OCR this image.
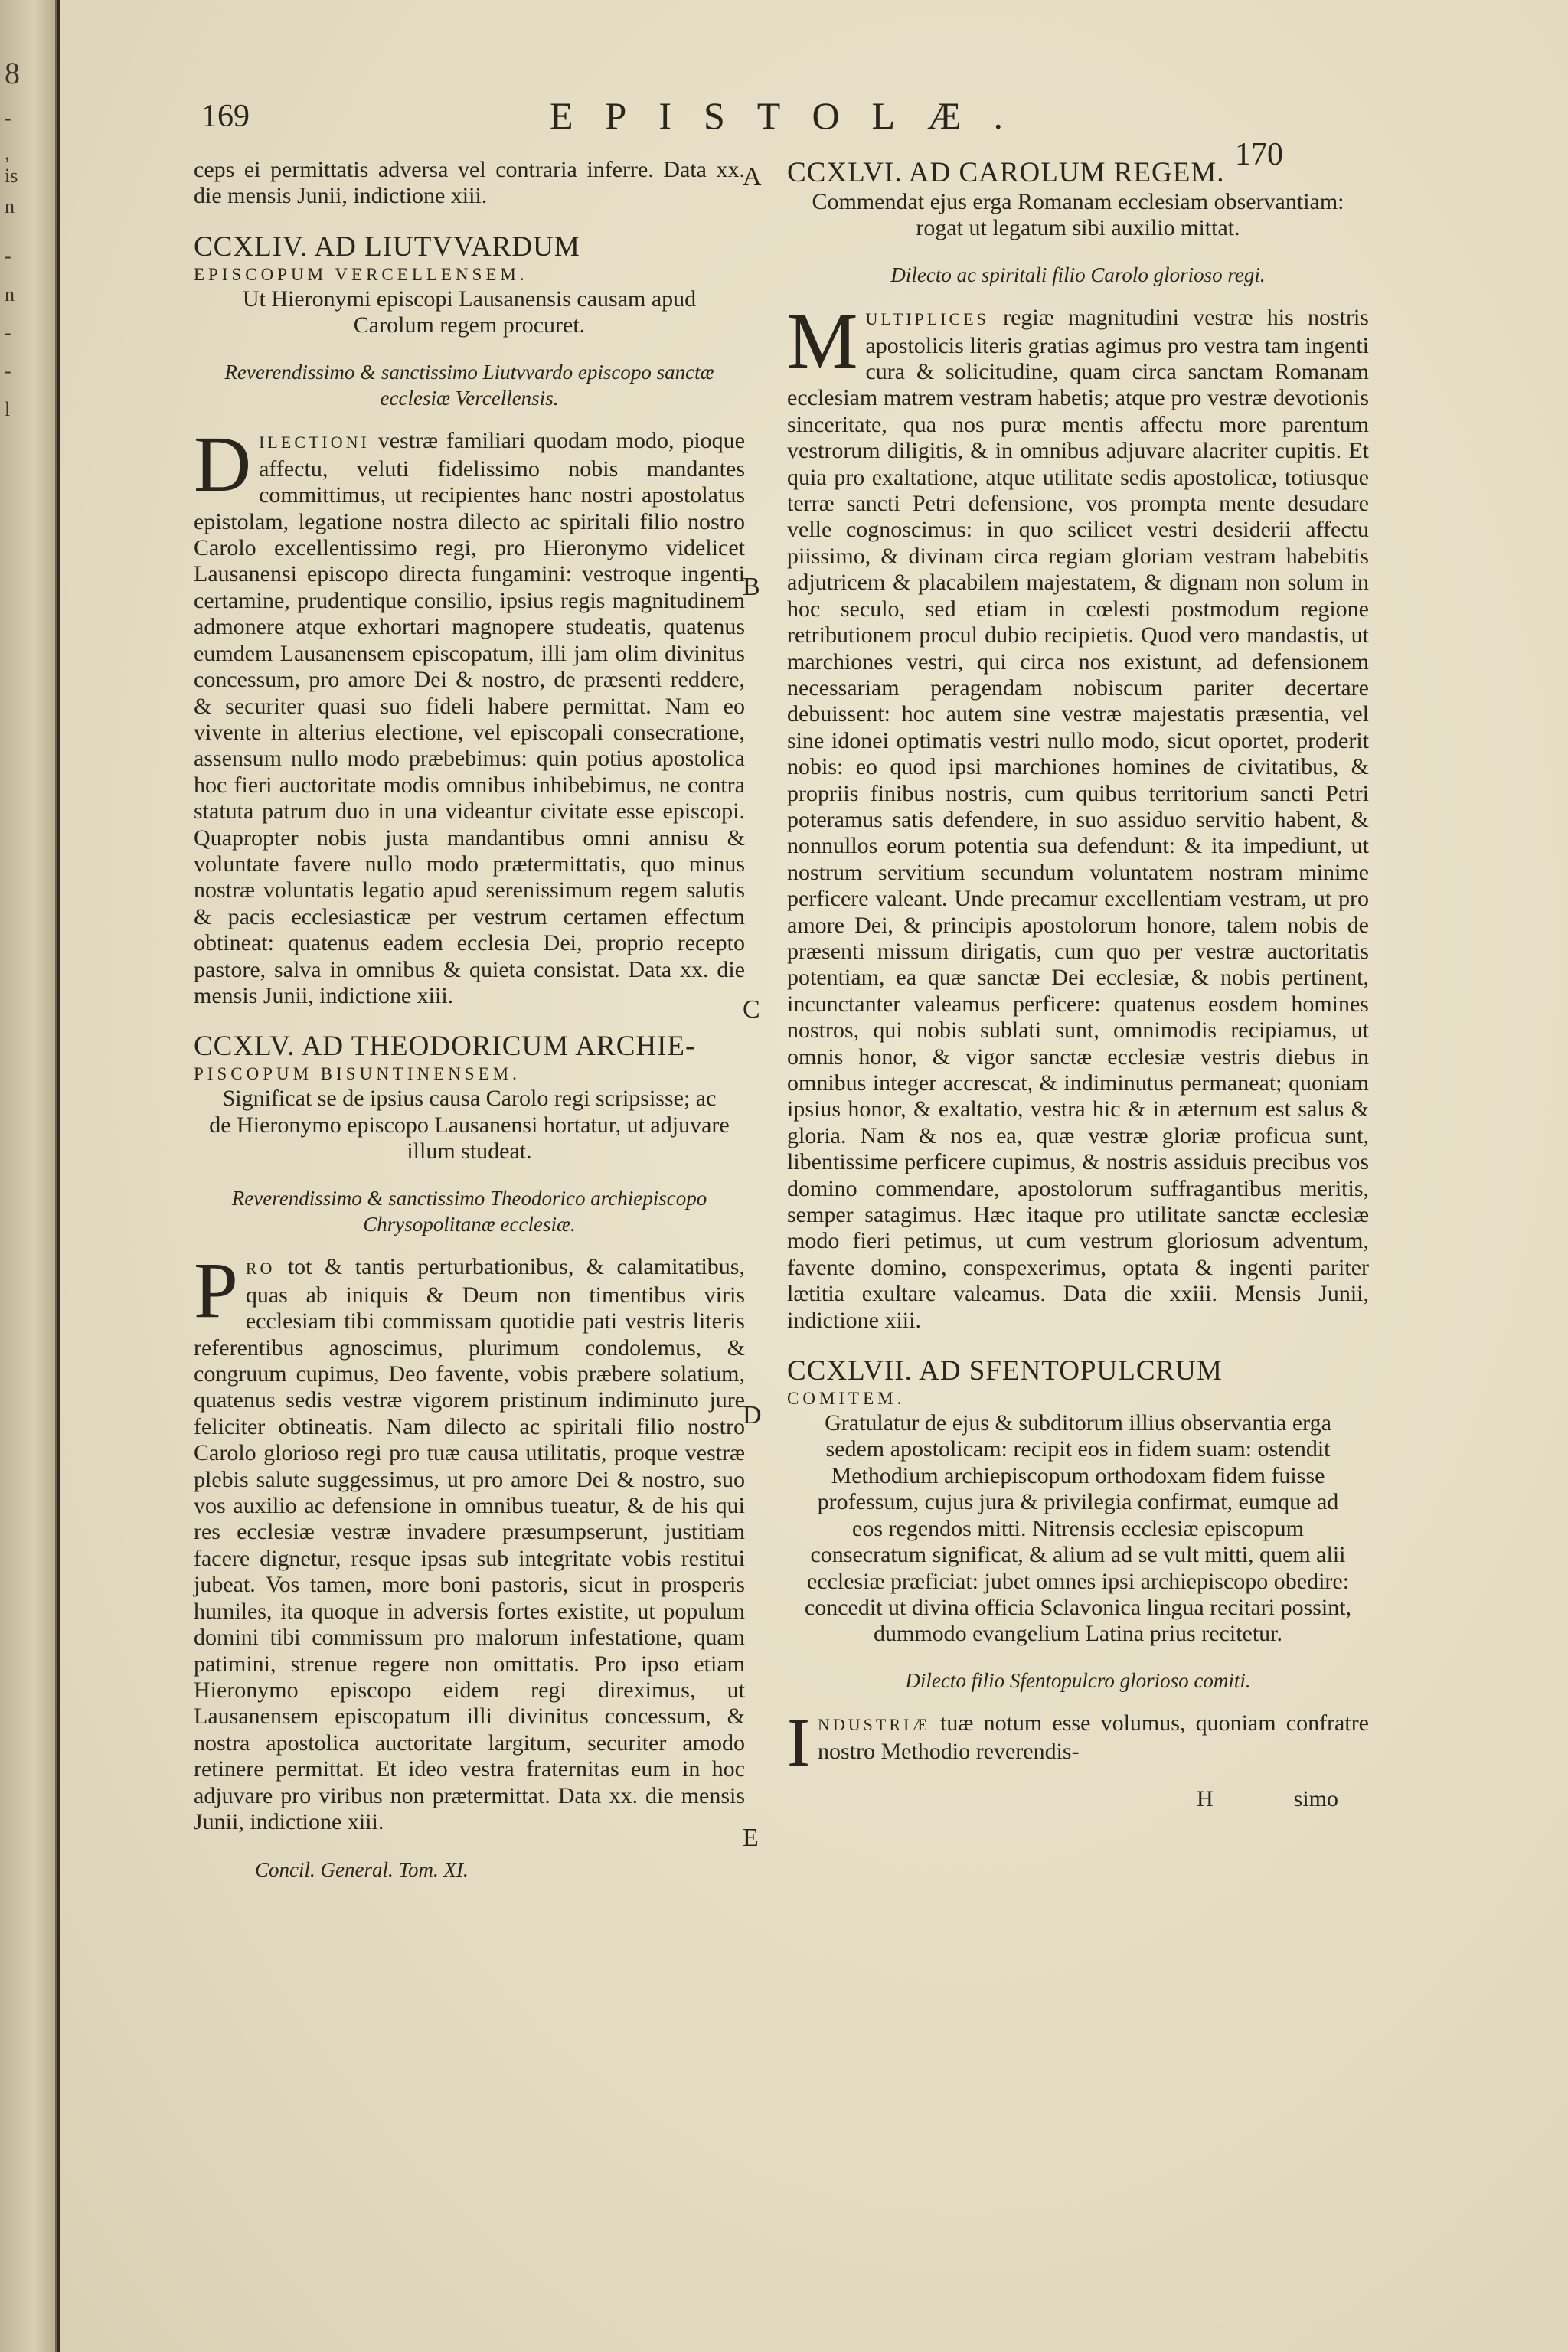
8
-
,
is
n
-
n
-
-
l
169	EPISTOLÆ.
170
A
B
C
D
E

ceps ei permittatis adversa vel contraria inferre. Data xx. die mensis Junii, indictione xiii.

CCXLIV. AD LIUTVVARDUM

EPISCOPUM VERCELLENSEM.

Ut Hieronymi episcopi Lausanensis causam apud Carolum regem procuret.

Reverendissimo & sanctissimo Liutvvardo episcopo sanctæ ecclesiæ Vercellensis.

DILECTIONI vestræ familiari quodam modo, pioque affectu, veluti fidelissimo nobis mandantes committimus, ut recipientes hanc nostri apostolatus epistolam, legatione nostra dilecto ac spiritali filio nostro Carolo excellentissimo regi, pro Hieronymo videlicet Lausanensi episcopo directa fungamini: vestroque ingenti certamine, prudentique consilio, ipsius regis magnitudinem admonere atque exhortari magnopere studeatis, quatenus eumdem Lausanensem episcopatum, illi jam olim divinitus concessum, pro amore Dei & nostro, de præsenti reddere, & securiter quasi suo fideli habere permittat. Nam eo vivente in alterius electione, vel episcopali consecratione, assensum nullo modo præbebimus: quin potius apostolica hoc fieri auctoritate modis omnibus inhibebimus, ne contra statuta patrum duo in una videantur civitate esse episcopi. Quapropter nobis justa mandantibus omni annisu & voluntate favere nullo modo prætermittatis, quo minus nostræ voluntatis legatio apud serenissimum regem salutis & pacis ecclesiasticæ per vestrum certamen effectum obtineat: quatenus eadem ecclesia Dei, proprio recepto pastore, salva in omnibus & quieta consistat. Data xx. die mensis Junii, indictione xiii.

CCXLV. AD THEODORICUM ARCHIE-

PISCOPUM BISUNTINENSEM.

Significat se de ipsius causa Carolo regi scripsisse; ac de Hieronymo episcopo Lausanensi hortatur, ut adjuvare illum studeat.

Reverendissimo & sanctissimo Theodorico archiepiscopo Chrysopolitanæ ecclesiæ.

PRO tot & tantis perturbationibus, & calamitatibus, quas ab iniquis & Deum non timentibus viris ecclesiam tibi commissam quotidie pati vestris literis referentibus agnoscimus, plurimum condolemus, & congruum cupimus, Deo favente, vobis præbere solatium, quatenus sedis vestræ vigorem pristinum indiminuto jure feliciter obtineatis. Nam dilecto ac spiritali filio nostro Carolo glorioso regi pro tuæ causa utilitatis, proque vestræ plebis salute suggessimus, ut pro amore Dei & nostro, suo vos auxilio ac defensione in omnibus tueatur, & de his qui res ecclesiæ vestræ invadere præsumpserunt, justitiam facere dignetur, resque ipsas sub integritate vobis restitui jubeat. Vos tamen, more boni pastoris, sicut in prosperis humiles, ita quoque in adversis fortes existite, ut populum domini tibi commissum pro malorum infestatione, quam patimini, strenue regere non omittatis. Pro ipso etiam Hieronymo episcopo eidem regi direximus, ut Lausanensem episcopatum illi divinitus concessum, & nostra apostolica auctoritate largitum, securiter amodo retinere permittat. Et ideo vestra fraternitas eum in hoc adjuvare pro viribus non prætermittat. Data xx. die mensis Junii, indictione xiii.

Concil. General. Tom. XI.

CCXLVI. AD CAROLUM REGEM.

Commendat ejus erga Romanam ecclesiam observantiam: rogat ut legatum sibi auxilio mittat.

Dilecto ac spiritali filio Carolo glorioso regi.

MULTIPLICES regiæ magnitudini vestræ his nostris apostolicis literis gratias agimus pro vestra tam ingenti cura & solicitudine, quam circa sanctam Romanam ecclesiam matrem vestram habetis; atque pro vestræ devotionis sinceritate, qua nos puræ mentis affectu more parentum vestrorum diligitis, & in omnibus adjuvare alacriter cupitis. Et quia pro exaltatione, atque utilitate sedis apostolicæ, totiusque terræ sancti Petri defensione, vos prompta mente desudare velle cognoscimus: in quo scilicet vestri desiderii affectu piissimo, & divinam circa regiam gloriam vestram habebitis adjutricem & placabilem majestatem, & dignam non solum in hoc seculo, sed etiam in cœlesti postmodum regione retributionem procul dubio recipietis. Quod vero mandastis, ut marchiones vestri, qui circa nos existunt, ad defensionem necessariam peragendam nobiscum pariter decertare debuissent: hoc autem sine vestræ majestatis præsentia, vel sine idonei optimatis vestri nullo modo, sicut oportet, proderit nobis: eo quod ipsi marchiones homines de civitatibus, & propriis finibus nostris, cum quibus territorium sancti Petri poteramus satis defendere, in suo assiduo servitio habent, & nonnullos eorum potentia sua defendunt: & ita impediunt, ut nostrum servitium secundum voluntatem nostram minime perficere valeant. Unde precamur excellentiam vestram, ut pro amore Dei, & principis apostolorum honore, talem nobis de præsenti missum dirigatis, cum quo per vestræ auctoritatis potentiam, ea quæ sanctæ Dei ecclesiæ, & nobis pertinent, incunctanter valeamus perficere: quatenus eosdem homines nostros, qui nobis sublati sunt, omnimodis recipiamus, ut omnis honor, & vigor sanctæ ecclesiæ vestris diebus in omnibus integer accrescat, & indiminutus permaneat; quoniam ipsius honor, & exaltatio, vestra hic & in æternum est salus & gloria. Nam & nos ea, quæ vestræ gloriæ proficua sunt, libentissime perficere cupimus, & nostris assiduis precibus vos domino commendare, apostolorum suffragantibus meritis, semper satagimus. Hæc itaque pro utilitate sanctæ ecclesiæ modo fieri petimus, ut cum vestrum gloriosum adventum, favente domino, conspexerimus, optata & ingenti pariter lætitia exultare valeamus. Data die xxiii. Mensis Junii, indictione xiii.

CCXLVII. AD SFENTOPULCRUM

COMITEM.

Gratulatur de ejus & subditorum illius observantia erga sedem apostolicam: recipit eos in fidem suam: ostendit Methodium archiepiscopum orthodoxam fidem fuisse professum, cujus jura & privilegia confirmat, eumque ad eos regendos mitti. Nitrensis ecclesiæ episcopum consecratum significat, & alium ad se vult mitti, quem alii ecclesiæ præficiat: jubet omnes ipsi archiepiscopo obedire: concedit ut divina officia Sclavonica lingua recitari possint, dummodo evangelium Latina prius recitetur.

Dilecto filio Sfentopulcro glorioso comiti.

INDUSTRIÆ tuæ notum esse volumus, quoniam confratre nostro Methodio reverendis-

H	simo
